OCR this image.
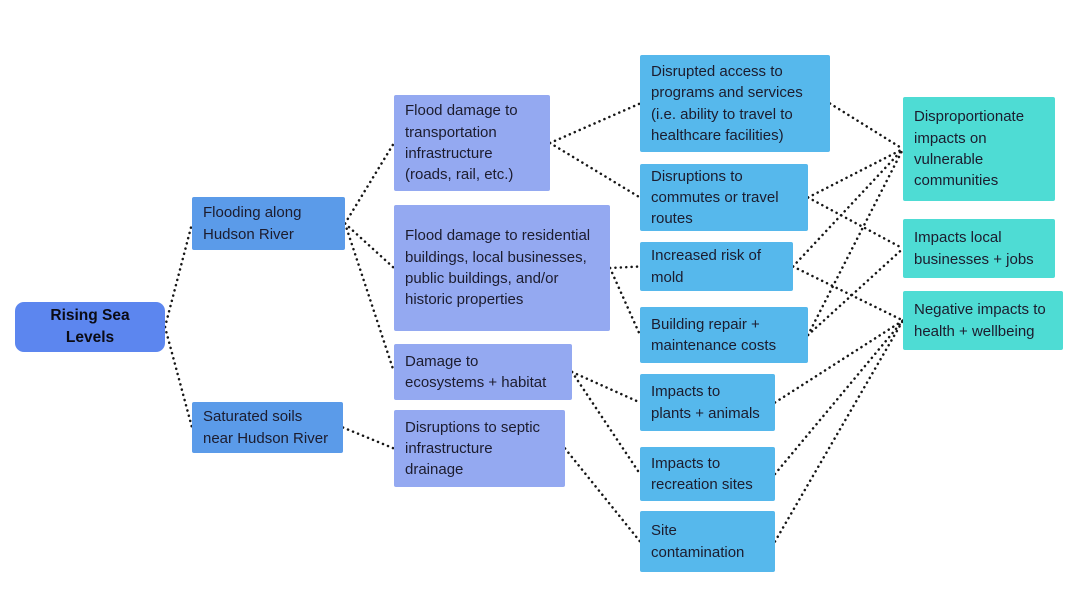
Rising Sea Levels
Flooding along Hudson River
Saturated soils near Hudson River
Flood damage to transportation infrastructure (roads, rail, etc.)
Flood damage to residential buildings, local businesses, public buildings, and/or historic properties
Damage to ecosystems + habitat
Disruptions to septic infrastructure drainage
Disrupted access to programs and services (i.e. ability to travel to healthcare facilities)
Disruptions to commutes or travel routes
Increased risk of mold
Building repair + maintenance costs
Impacts to plants + animals
Impacts to recreation sites
Site contamination
Disproportionate impacts on vulnerable communities
Impacts local businesses + jobs
Negative impacts to health + wellbeing
